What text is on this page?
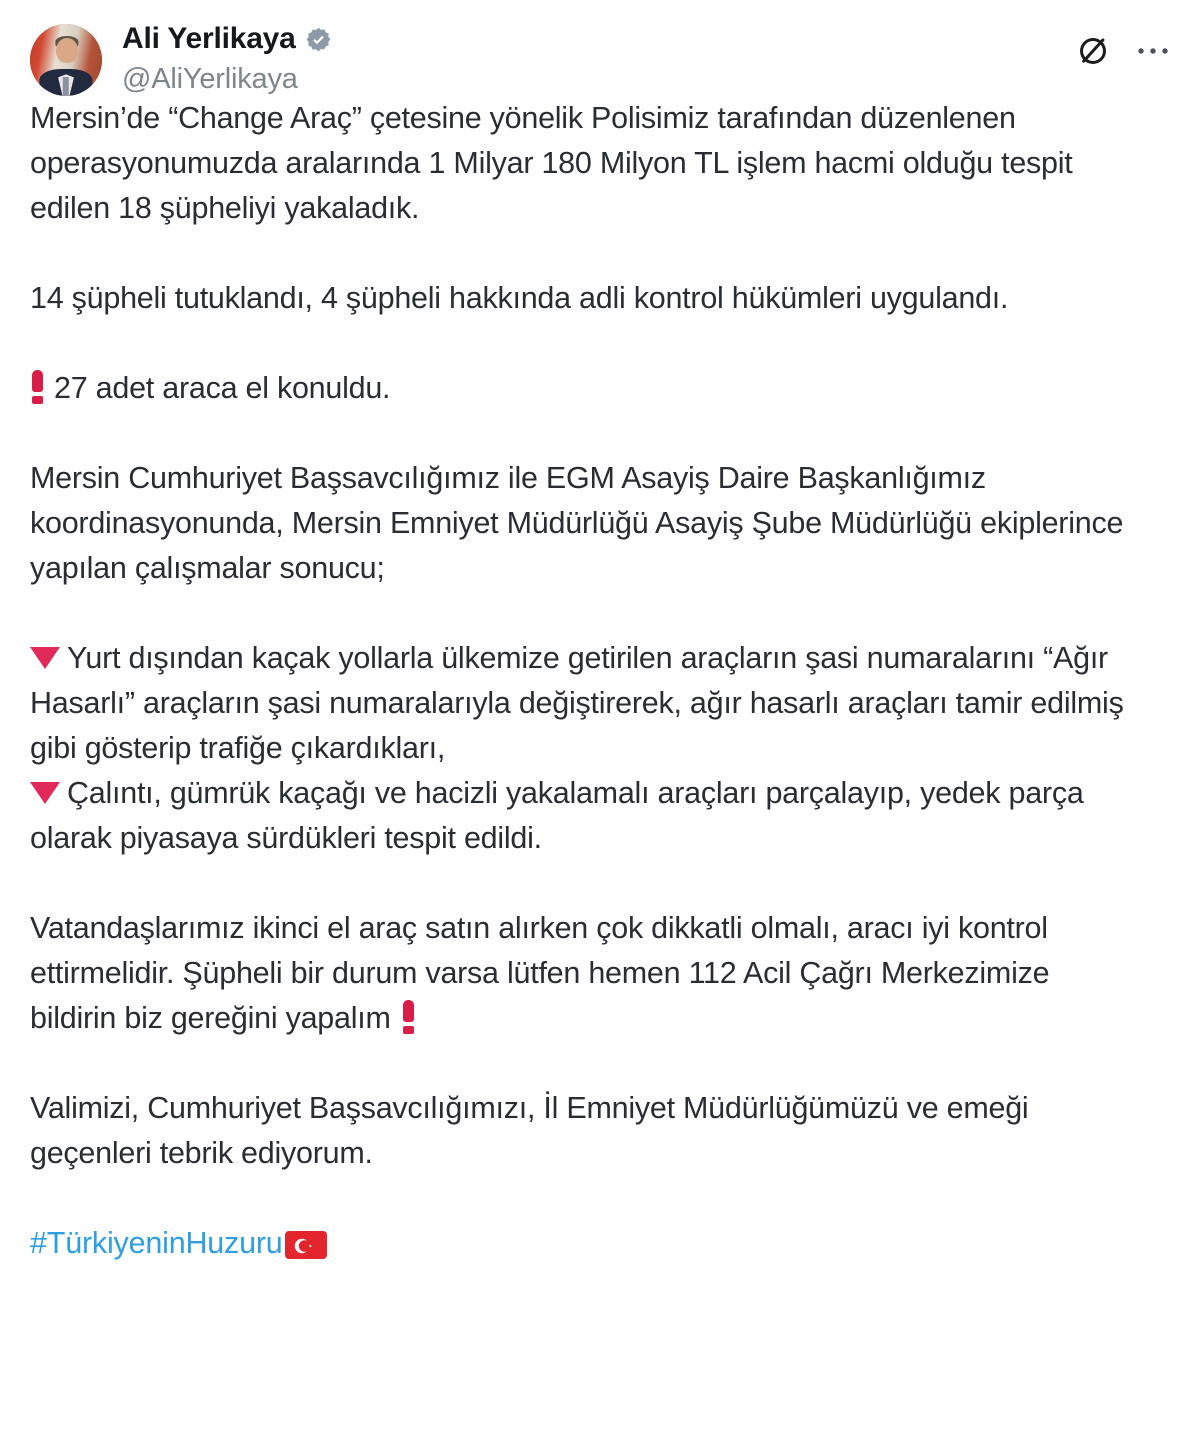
Ali Yerlikaya
@AliYerlikaya

Mersin’de “Change Araç” çetesine yönelik Polisimiz tarafından düzenlenen operasyonumuzda aralarında 1 Milyar 180 Milyon TL işlem hacmi olduğu tespit edilen 18 şüpheliyi yakaladık.

14 şüpheli tutuklandı, 4 şüpheli hakkında adli kontrol hükümleri uygulandı.

27 adet araca el konuldu.

Mersin Cumhuriyet Başsavcılığımız ile EGM Asayiş Daire Başkanlığımız koordinasyonunda, Mersin Emniyet Müdürlüğü Asayiş Şube Müdürlüğü ekiplerince yapılan çalışmalar sonucu;

Yurt dışından kaçak yollarla ülkemize getirilen araçların şasi numaralarını “Ağır Hasarlı” araçların şasi numaralarıyla değiştirerek, ağır hasarlı araçları tamir edilmiş gibi gösterip trafiğe çıkardıkları,

Çalıntı, gümrük kaçağı ve hacizli yakalamalı araçları parçalayıp, yedek parça olarak piyasaya sürdükleri tespit edildi.

Vatandaşlarımız ikinci el araç satın alırken çok dikkatli olmalı, aracı iyi kontrol ettirmelidir. Şüpheli bir durum varsa lütfen hemen 112 Acil Çağrı Merkezimize bildirin biz gereğini yapalım

Valimizi, Cumhuriyet Başsavcılığımızı, İl Emniyet Müdürlüğümüzü ve emeği geçenleri tebrik ediyorum.

#TürkiyeninHuzuru
